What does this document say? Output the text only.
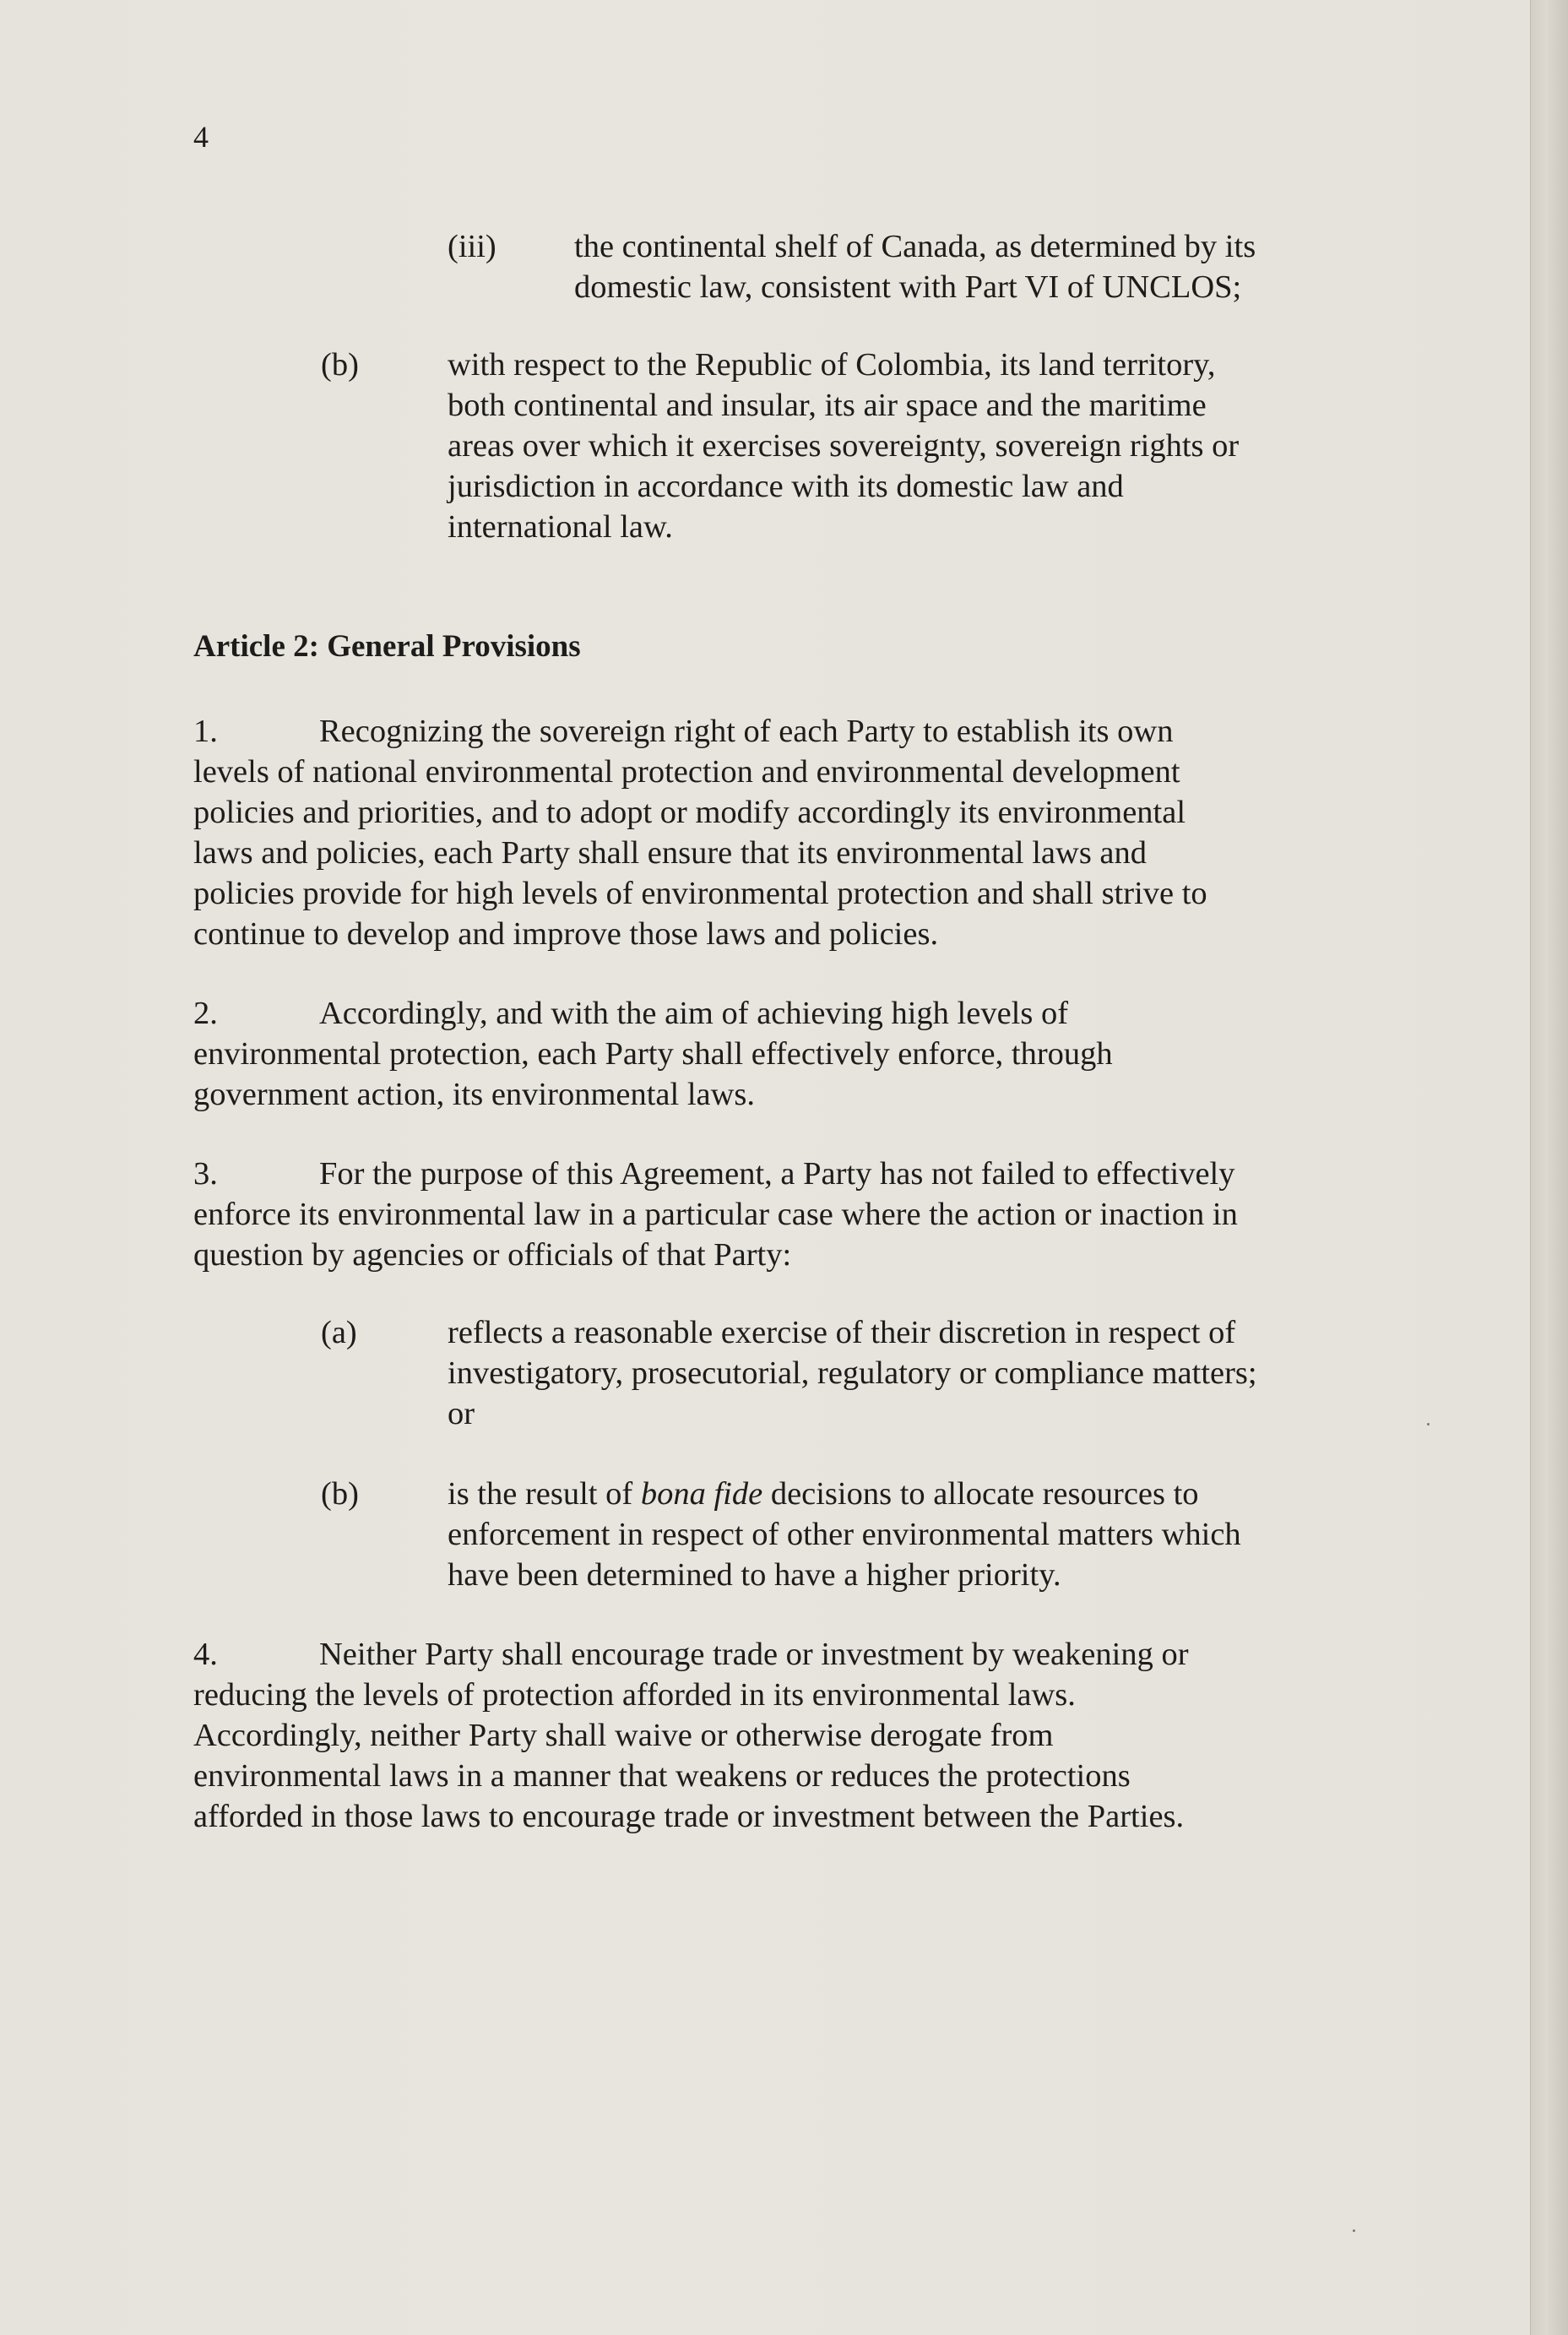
4
(iii) the continental shelf of Canada, as determined by its
domestic law, consistent with Part VI of UNCLOS;
(b)	with respect to the Republic of Colombia, its land territory,
both continental and insular, its air space and the maritime
areas over which it exercises sovereignty, sovereign rights or
jurisdiction in accordance with its domestic law and
international law.
Article 2: General Provisions
1.	Recognizing the sovereign right of each Party to establish its own
levels of national environmental protection and environmental development
policies and priorities, and to adopt or modify accordingly its environmental
laws and policies, each Party shall ensure that its environmental laws and
policies provide for high levels of environmental protection and shall strive to
continue to develop and improve those laws and policies.
2.	Accordingly, and with the aim of achieving high levels of
environmental protection, each Party shall effectively enforce, through
government action, its environmental laws.
3.	For the purpose of this Agreement, a Party has not failed to effectively
enforce its environmental law in a particular case where the action or inaction in
question by agencies or officials of that Party:
(a)	reflects a reasonable exercise of their discretion in respect of
investigatory, prosecutorial, regulatory or compliance matters;
or
(b)	is the result of bona fide decisions to allocate resources to
enforcement in respect of other environmental matters which
have been determined to have a higher priority.
4.	Neither Party shall encourage trade or investment by weakening or
reducing the levels of protection afforded in its environmental laws.
Accordingly, neither Party shall waive or otherwise derogate from
environmental laws in a manner that weakens or reduces the protections
afforded in those laws to encourage trade or investment between the Parties.
